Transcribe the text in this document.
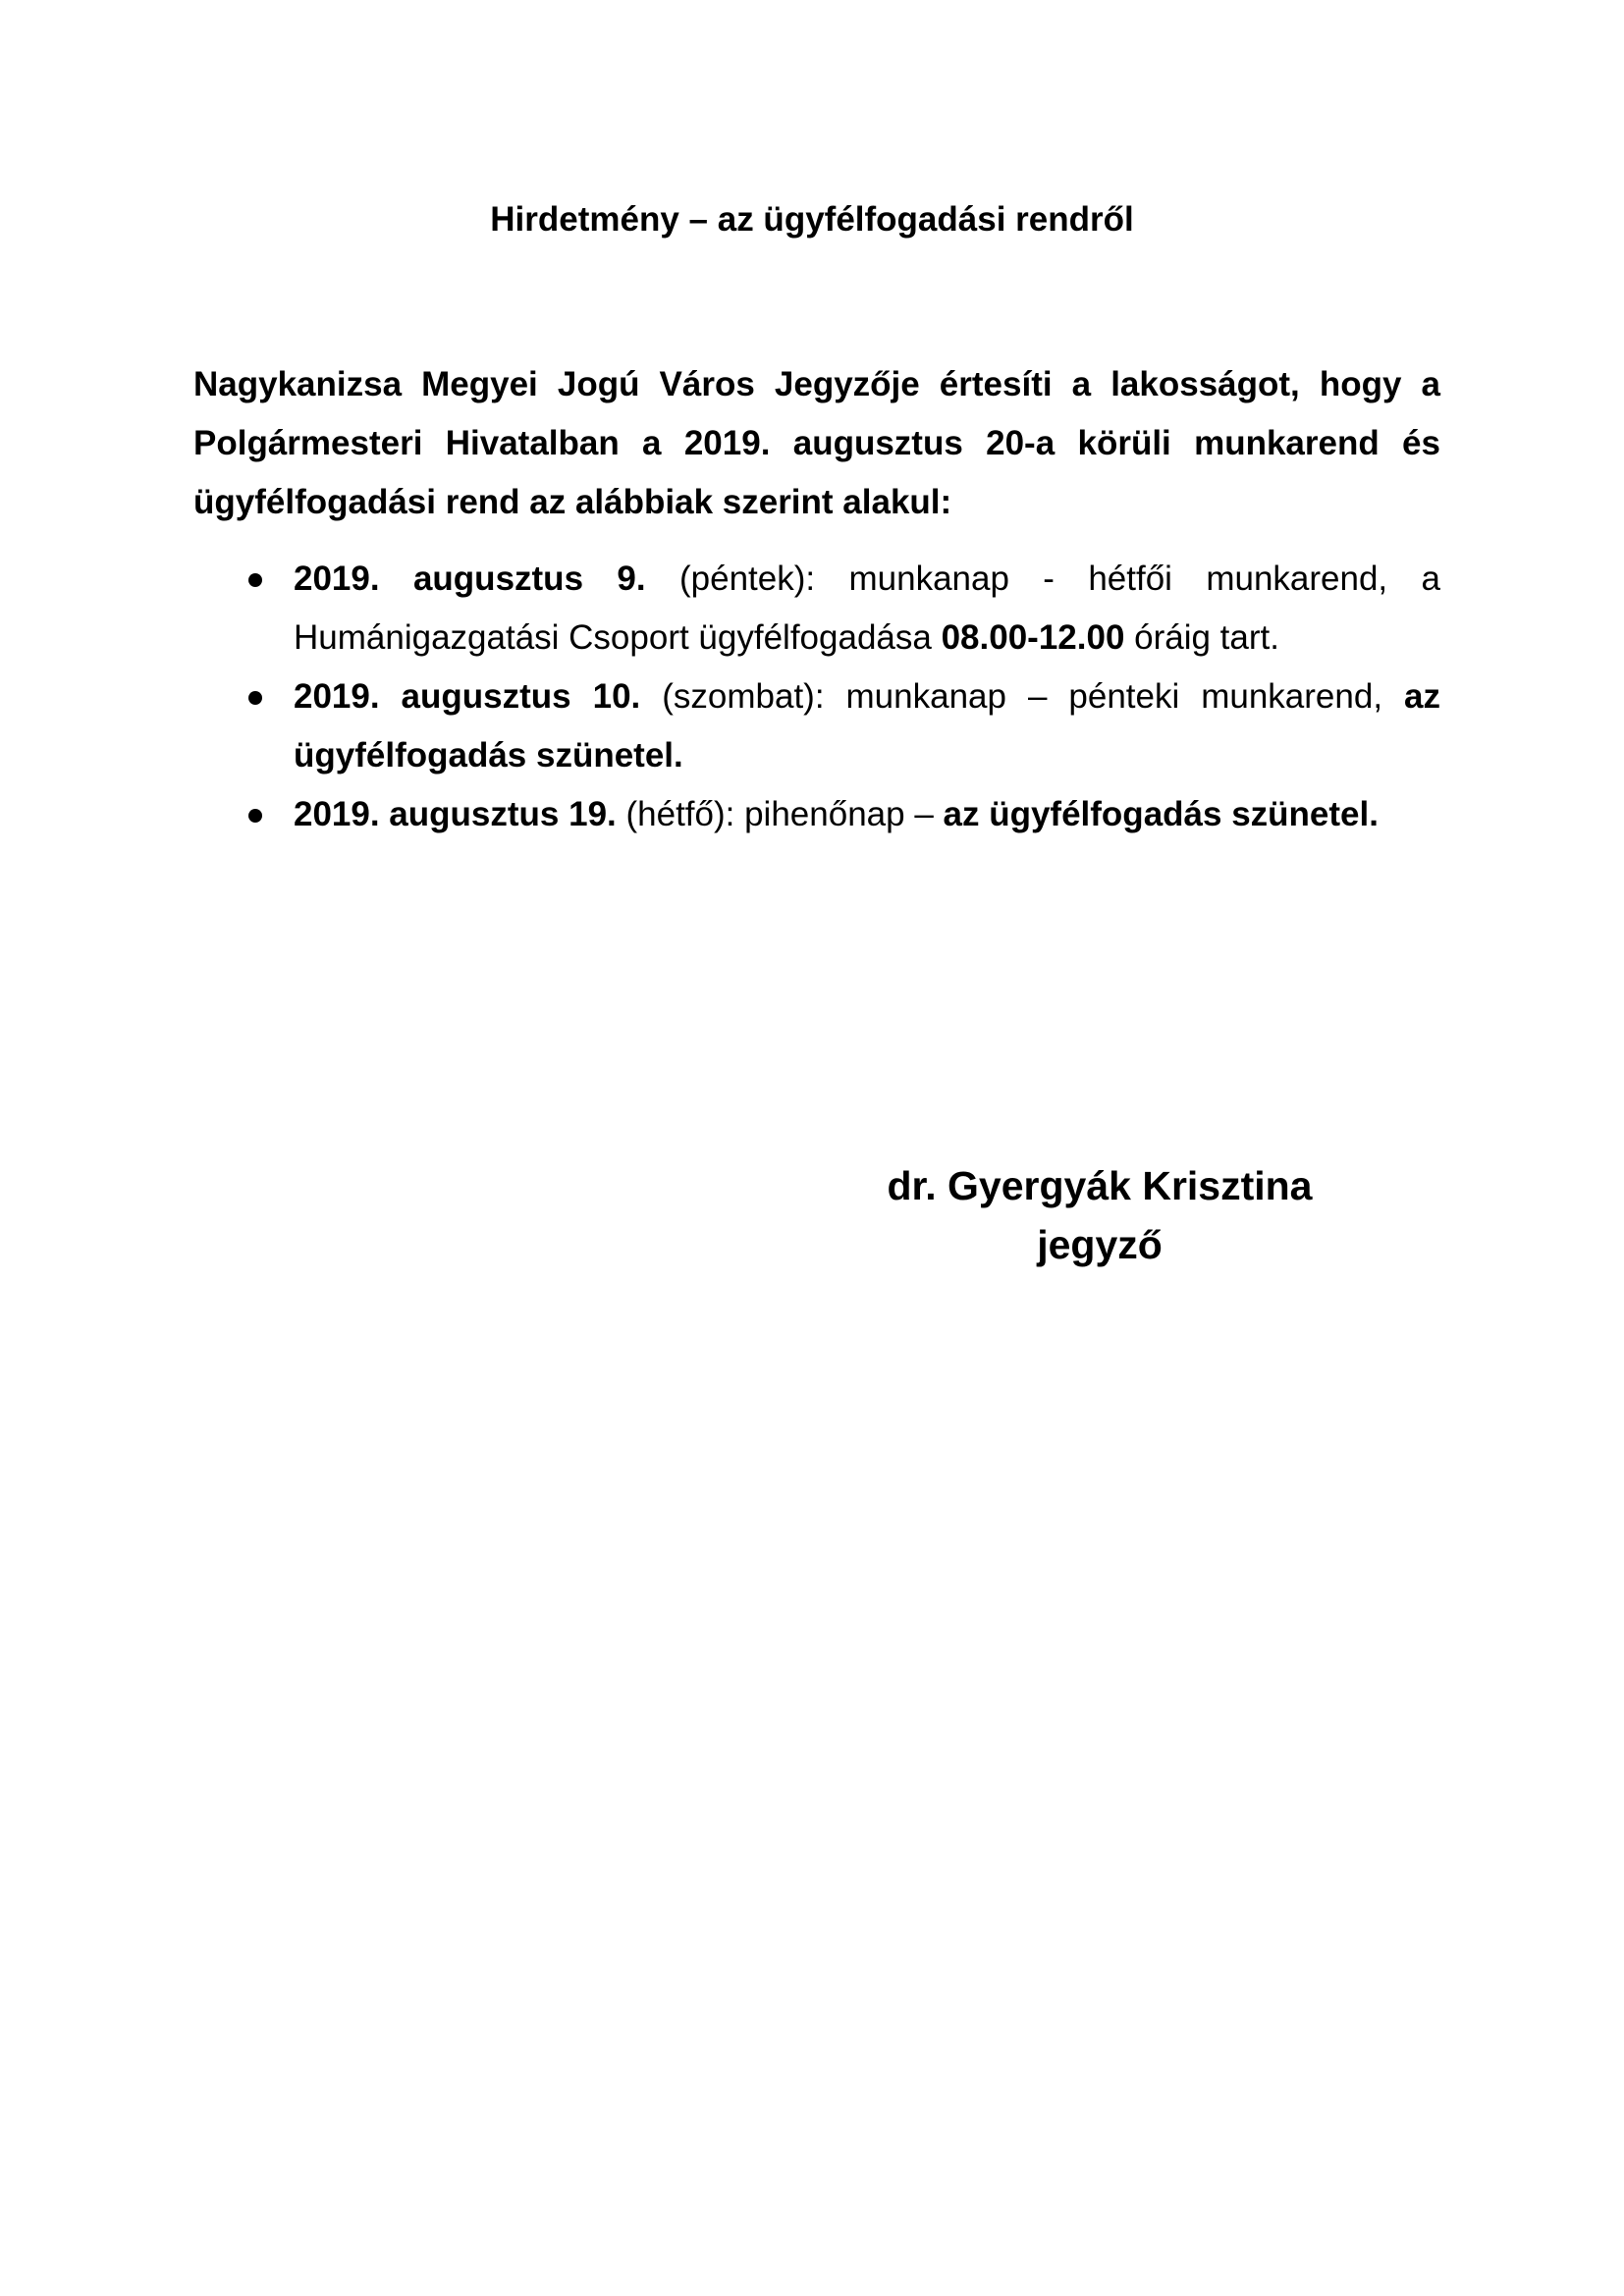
Hirdetmény – az ügyfélfogadási rendről

Nagykanizsa Megyei Jogú Város Jegyzője értesíti a lakosságot, hogy a Polgármesteri Hivatalban a 2019. augusztus 20-a körüli munkarend és ügyfélfogadási rend az alábbiak szerint alakul:

2019. augusztus 9. (péntek): munkanap - hétfői munkarend, a Humánigazgatási Csoport ügyfélfogadása 08.00-12.00 óráig tart.
2019. augusztus 10. (szombat): munkanap – pénteki munkarend, az ügyfélfogadás szünetel.
2019. augusztus 19. (hétfő): pihenőnap – az ügyfélfogadás szünetel.
dr. Gyergyák Krisztina
jegyző
